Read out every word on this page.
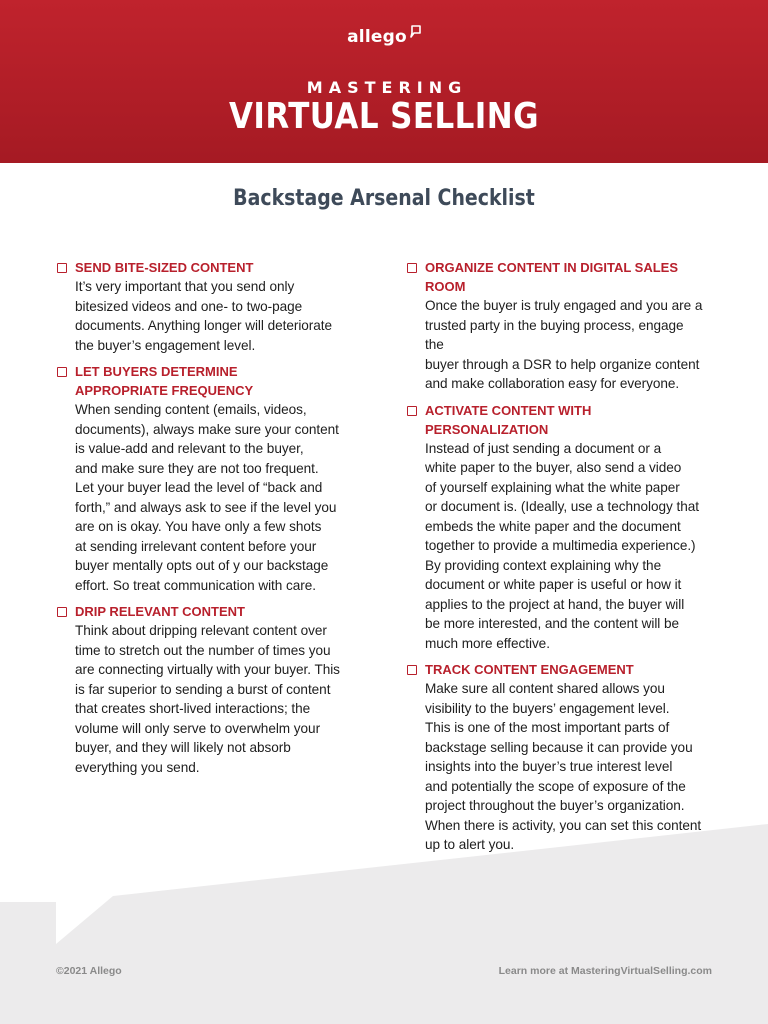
allego
MASTERING
VIRTUAL SELLING
Backstage Arsenal Checklist
SEND BITE-SIZED CONTENT
It’s very important that you send only
bitesized videos and one- to two-page
documents. Anything longer will deteriorate
the buyer’s engagement level.
LET BUYERS DETERMINE
APPROPRIATE FREQUENCY
When sending content (emails, videos,
documents), always make sure your content
is value-add and relevant to the buyer,
and make sure they are not too frequent.
Let your buyer lead the level of “back and
forth,” and always ask to see if the level you
are on is okay. You have only a few shots
at sending irrelevant content before your
buyer mentally opts out of y our backstage
effort. So treat communication with care.
DRIP RELEVANT CONTENT
Think about dripping relevant content over
time to stretch out the number of times you
are connecting virtually with your buyer. This
is far superior to sending a burst of content
that creates short-lived interactions; the
volume will only serve to overwhelm your
buyer, and they will likely not absorb
everything you send.
ORGANIZE CONTENT IN DIGITAL SALES ROOM
Once the buyer is truly engaged and you are a
trusted party in the buying process, engage the
buyer through a DSR to help organize content
and make collaboration easy for everyone.
ACTIVATE CONTENT WITH PERSONALIZATION
Instead of just sending a document or a
white paper to the buyer, also send a video
of yourself explaining what the white paper
or document is. (Ideally, use a technology that
embeds the white paper and the document
together to provide a multimedia experience.)
By providing context explaining why the
document or white paper is useful or how it
applies to the project at hand, the buyer will
be more interested, and the content will be
much more effective.
TRACK CONTENT ENGAGEMENT
Make sure all content shared allows you
visibility to the buyers’ engagement level.
This is one of the most important parts of
backstage selling because it can provide you
insights into the buyer’s true interest level
and potentially the scope of exposure of the
project throughout the buyer’s organization.
When there is activity, you can set this content
up to alert you.
©2021 Allego	Learn more at MasteringVirtualSelling.com
